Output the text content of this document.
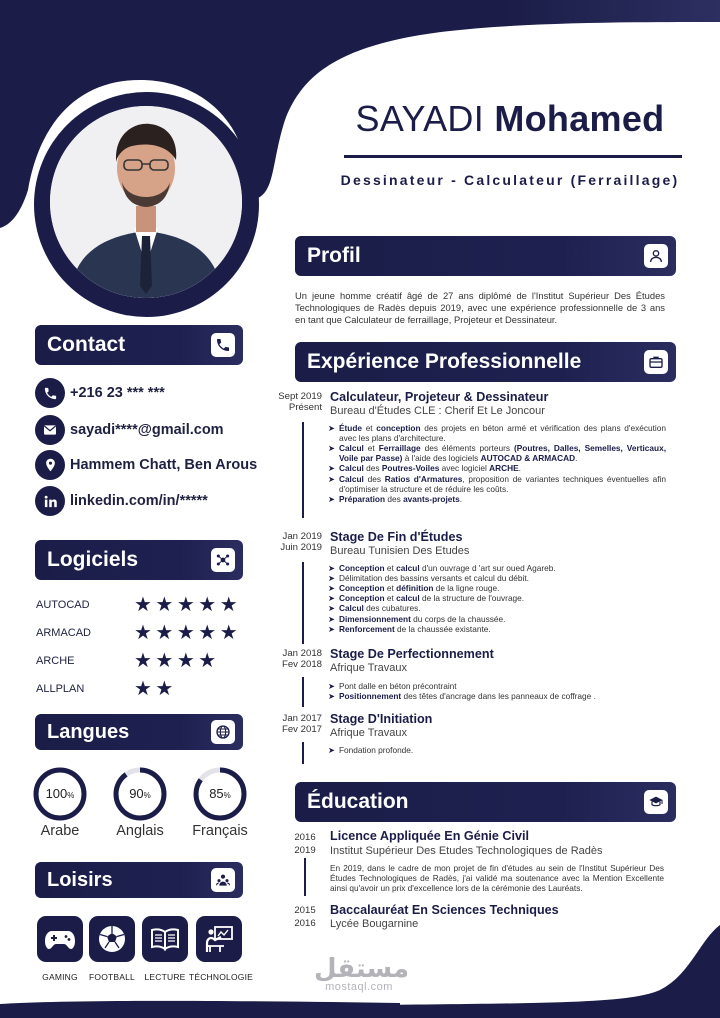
SAYADI Mohamed
Dessinateur - Calculateur (Ferraillage)
Contact
+216 23 *** ***
sayadi****@gmail.com
Hammem Chatt, Ben Arous
linkedin.com/in/*****
Logiciels
AUTOCAD	★★★★★
ARMACAD	★★★★★
ARCHE	★★★★
ALLPLAN	★★
Langues
100%	90%	85%
Arabe	Anglais	Français
Loisirs
GAMING	FOOTBALL	LECTURE TÉCHNOLOGIE
Profil
Un jeune homme créatif âgé de 27 ans diplômé de l'Institut Supérieur Des Études Technologiques de Radès depuis 2019, avec une expérience professionnelle de 3 ans en tant que Calculateur de ferraillage, Projeteur et Dessinateur.
Expérience Professionnelle
Sept 2019
Présent
Calculateur, Projeteur & Dessinateur
Bureau d'Études CLE : Cherif Et Le Joncour
➤ Étude et conception des projets en béton armé et vérification des plans d'exécution avec les plans d'architecture.
➤ Calcul et Ferraillage des éléments porteurs (Poutres, Dalles, Semelles, Verticaux, Voile par Passe) à l'aide des logiciels AUTOCAD & ARMACAD.
➤ Calcul des Poutres-Voiles avec logiciel ARCHE.
➤ Calcul des Ratios d'Armatures, proposition de variantes techniques éventuelles afin d'optimiser la structure et de réduire les coûts.
➤ Préparation des avants-projets.
Jan 2019
Juin 2019
Stage De Fin d'Études
Bureau Tunisien Des Etudes
➤ Conception et calcul d'un ouvrage d 'art sur oued Agareb.
➤ Délimitation des bassins versants et calcul du débit.
➤ Conception et définition de la ligne rouge.
➤ Conception et calcul de la structure de l'ouvrage.
➤ Calcul des cubatures.
➤ Dimensionnement du corps de la chaussée.
➤ Renforcement de la chaussée existante.
Jan 2018
Fev 2018
Stage De Perfectionnement
Afrique Travaux
➤ Pont dalle en béton précontraint
➤ Positionnement des têtes d'ancrage dans les panneaux de coffrage .
Jan 2017
Fev 2017
Stage D'Initiation
Afrique Travaux
➤ Fondation profonde.
Éducation
2016
2019
Licence Appliquée En Génie Civil
Institut Supérieur Des Etudes Technologiques de Radès
En 2019, dans le cadre de mon projet de fin d'études au sein de l'Institut Supérieur Des Études Technologiques de Radès, j'ai validé ma soutenance avec la Mention Excellente ainsi qu'avoir un prix d'excellence lors de la cérémonie des Lauréats.
2015
2016
Baccalauréat En Sciences Techniques
Lycée Bougarnine
مستقل
mostaql.com
